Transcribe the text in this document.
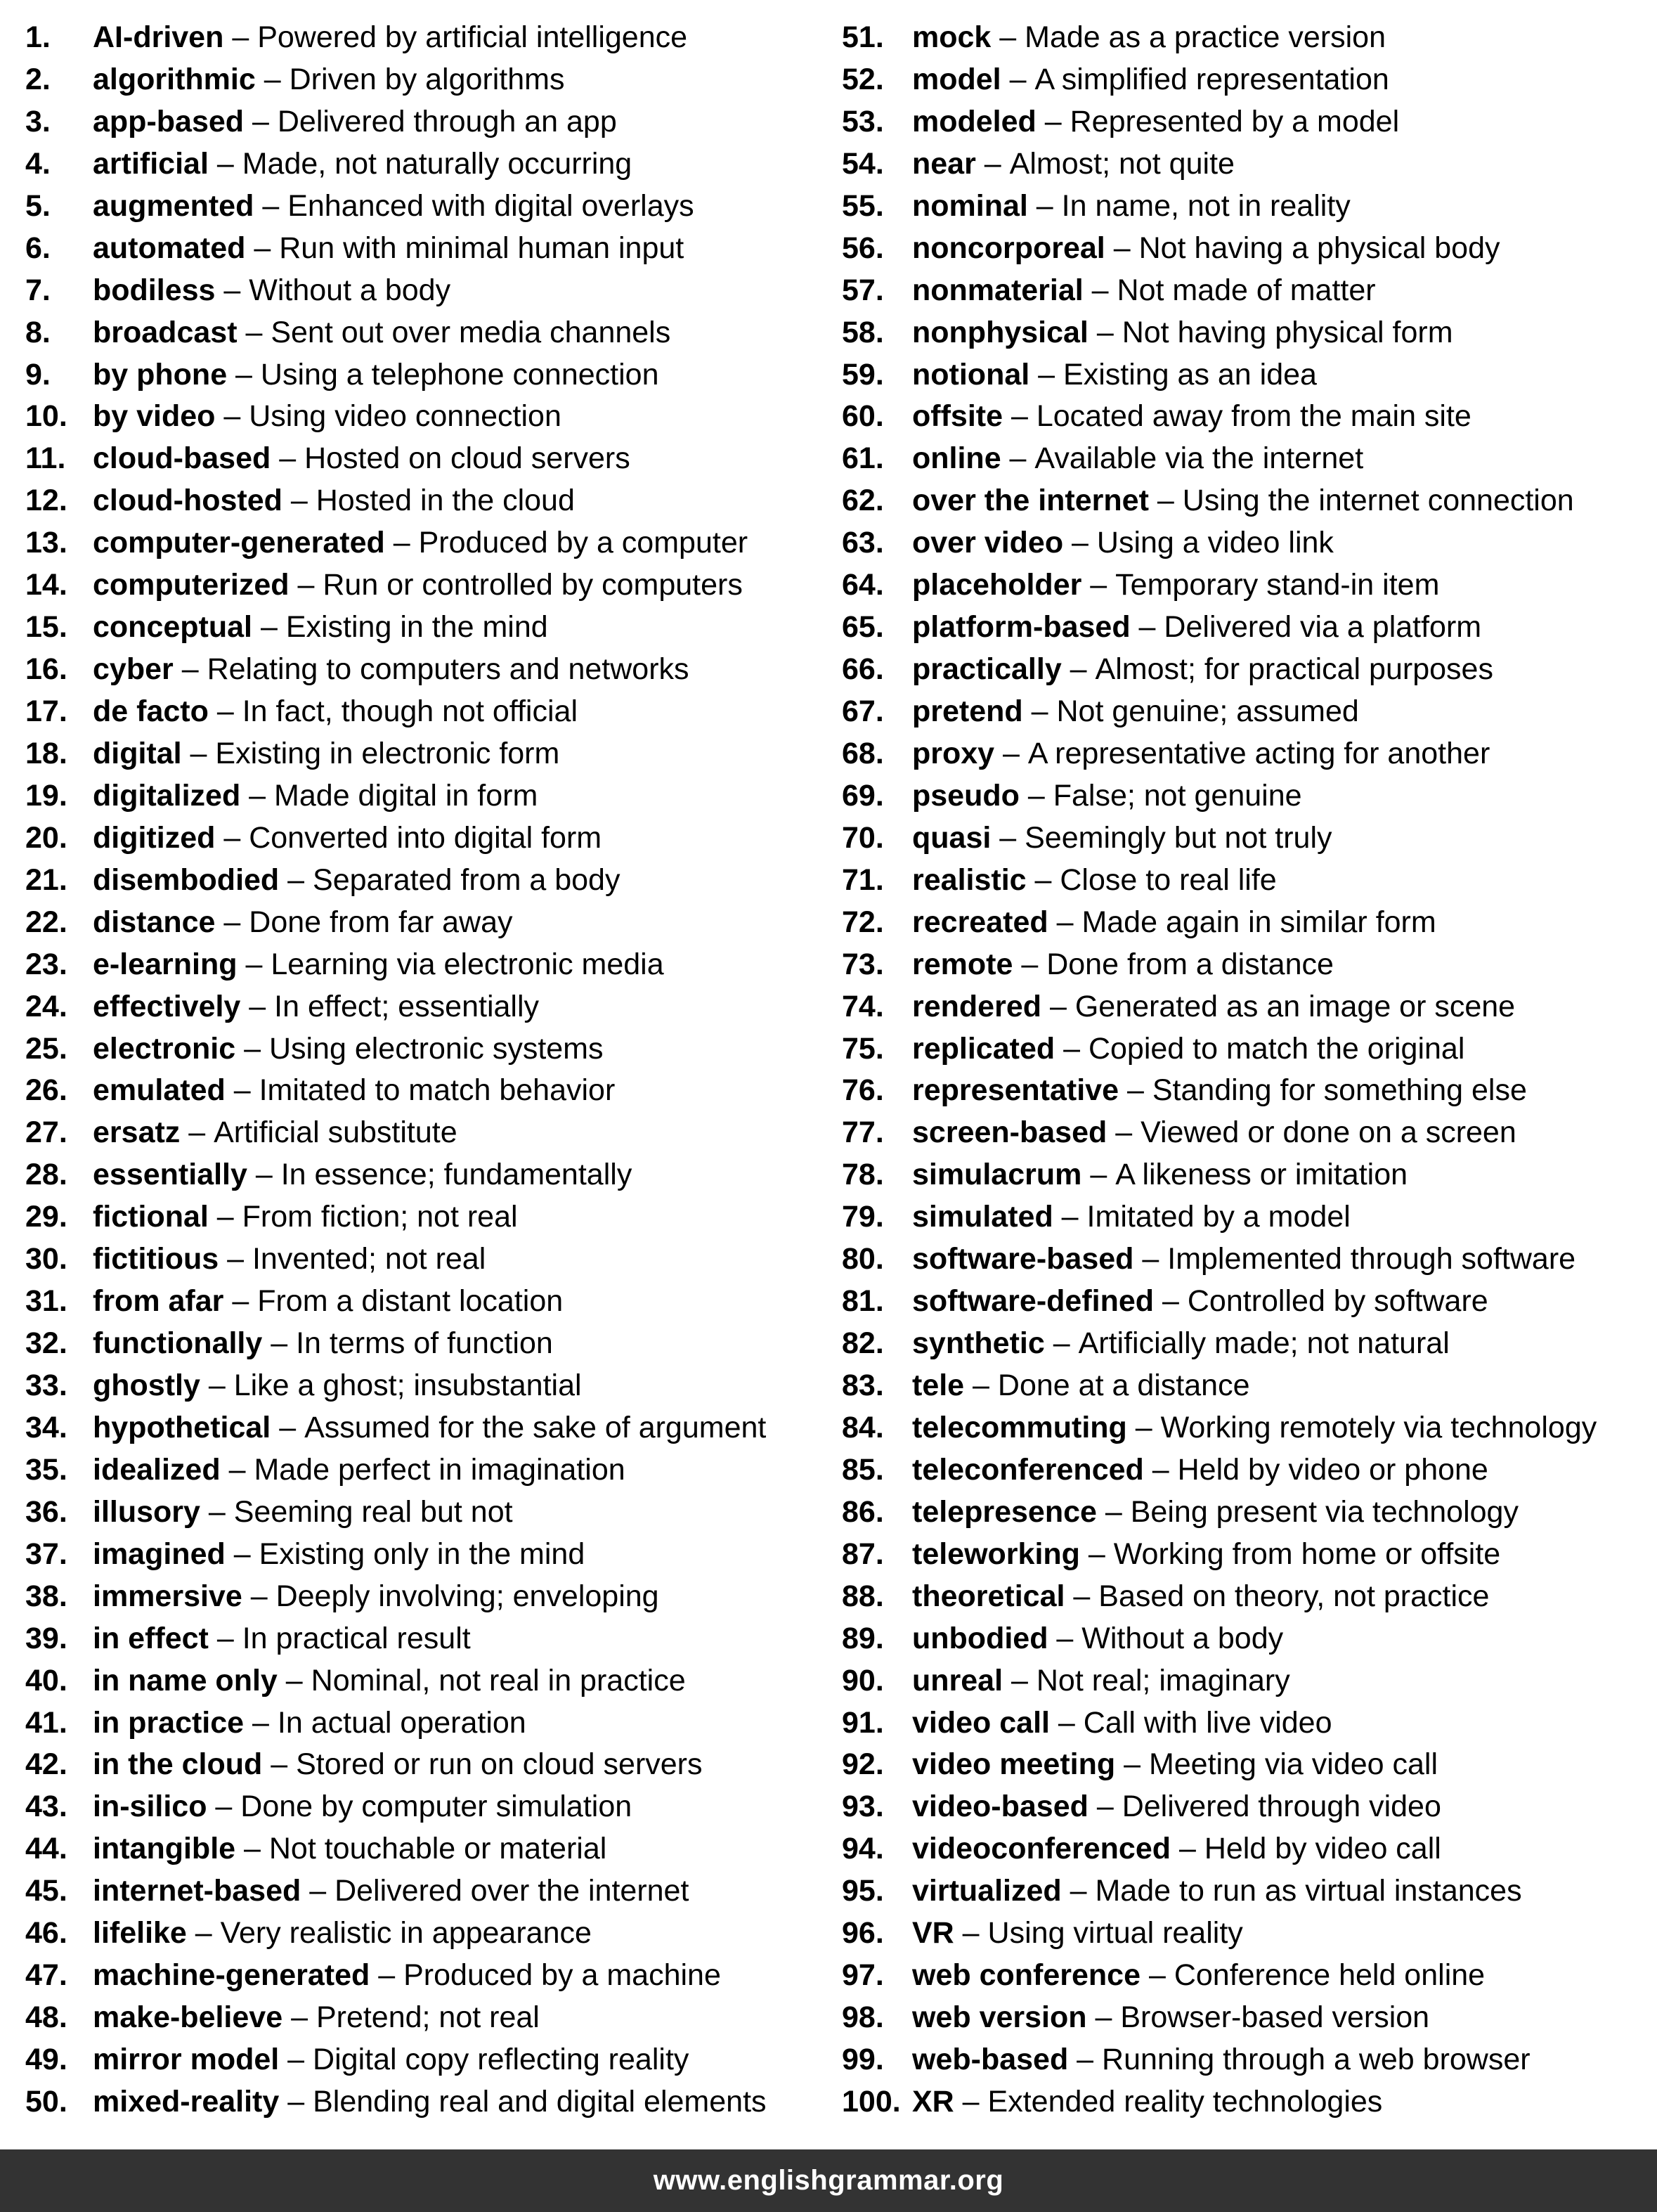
1.	AI-driven – Powered by artificial intelligence
2.	algorithmic – Driven by algorithms
3.	app-based – Delivered through an app
4.	artificial – Made, not naturally occurring
5.	augmented – Enhanced with digital overlays
6.	automated – Run with minimal human input
7.	bodiless – Without a body
8.	broadcast – Sent out over media channels
9.	by phone – Using a telephone connection
10. by video – Using video connection
11. cloud-based – Hosted on cloud servers
12. cloud-hosted – Hosted in the cloud
13. computer-generated – Produced by a computer
14. computerized – Run or controlled by computers
15. conceptual – Existing in the mind
16. cyber – Relating to computers and networks
17. de facto – In fact, though not official
18. digital – Existing in electronic form
19. digitalized – Made digital in form
20. digitized – Converted into digital form
21. disembodied – Separated from a body
22. distance – Done from far away
23. e-learning – Learning via electronic media
24. effectively – In effect; essentially
25. electronic – Using electronic systems
26. emulated – Imitated to match behavior
27. ersatz – Artificial substitute
28. essentially – In essence; fundamentally
29. fictional – From fiction; not real
30. fictitious – Invented; not real
31. from afar – From a distant location
32. functionally – In terms of function
33. ghostly – Like a ghost; insubstantial
34. hypothetical – Assumed for the sake of argument
35. idealized – Made perfect in imagination
36. illusory – Seeming real but not
37. imagined – Existing only in the mind
38. immersive – Deeply involving; enveloping
39. in effect – In practical result
40. in name only – Nominal, not real in practice
41. in practice – In actual operation
42. in the cloud – Stored or run on cloud servers
43. in-silico – Done by computer simulation
44. intangible – Not touchable or material
45. internet-based – Delivered over the internet
46. lifelike – Very realistic in appearance
47. machine-generated – Produced by a machine
48. make-believe – Pretend; not real
49. mirror model – Digital copy reflecting reality
50. mixed-reality – Blending real and digital elements
51. mock – Made as a practice version
52. model – A simplified representation
53. modeled – Represented by a model
54. near – Almost; not quite
55. nominal – In name, not in reality
56. noncorporeal – Not having a physical body
57. nonmaterial – Not made of matter
58. nonphysical – Not having physical form
59. notional – Existing as an idea
60. offsite – Located away from the main site
61. online – Available via the internet
62. over the internet – Using the internet connection
63. over video – Using a video link
64. placeholder – Temporary stand-in item
65. platform-based – Delivered via a platform
66. practically – Almost; for practical purposes
67. pretend – Not genuine; assumed
68. proxy – A representative acting for another
69. pseudo – False; not genuine
70. quasi – Seemingly but not truly
71. realistic – Close to real life
72. recreated – Made again in similar form
73. remote – Done from a distance
74. rendered – Generated as an image or scene
75. replicated – Copied to match the original
76. representative – Standing for something else
77. screen-based – Viewed or done on a screen
78. simulacrum – A likeness or imitation
79. simulated – Imitated by a model
80. software-based – Implemented through software
81. software-defined – Controlled by software
82. synthetic – Artificially made; not natural
83. tele – Done at a distance
84. telecommuting – Working remotely via technology
85. teleconferenced – Held by video or phone
86. telepresence – Being present via technology
87. teleworking – Working from home or offsite
88. theoretical – Based on theory, not practice
89. unbodied – Without a body
90. unreal – Not real; imaginary
91. video call – Call with live video
92. video meeting – Meeting via video call
93. video-based – Delivered through video
94. videoconferenced – Held by video call
95. virtualized – Made to run as virtual instances
96. VR – Using virtual reality
97. web conference – Conference held online
98. web version – Browser-based version
99. web-based – Running through a web browser
100. XR – Extended reality technologies
www.englishgrammar.org
